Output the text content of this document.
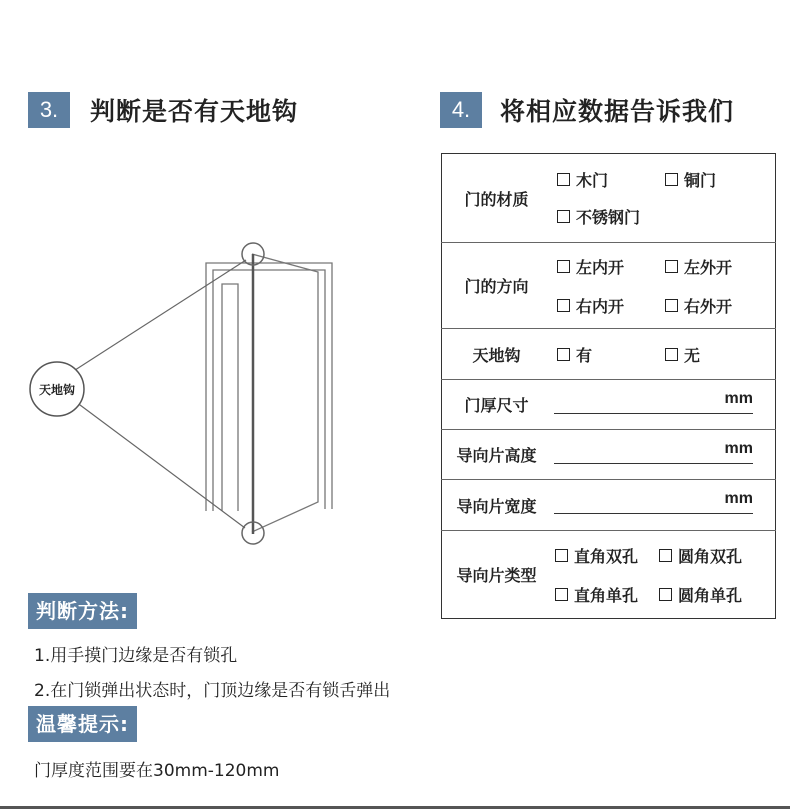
3.	判断是否有天地钩	4.	将相应数据告诉我们
天地钩
门的材质	木门 铜门
不锈钢门

门的方向	左内开 左外开
右内开 右外开

天地钩	有 无

门厚尺寸	mm

导向片高度	mm

导向片宽度	mm

导向片类型	直角双孔 圆角双孔
直角单孔 圆角单孔
判断方法:
1.用手摸门边缘是否有锁孔
2.在门锁弹出状态时，门顶边缘是否有锁舌弹出
温馨提示:
门厚度范围要在30mm-120mm
